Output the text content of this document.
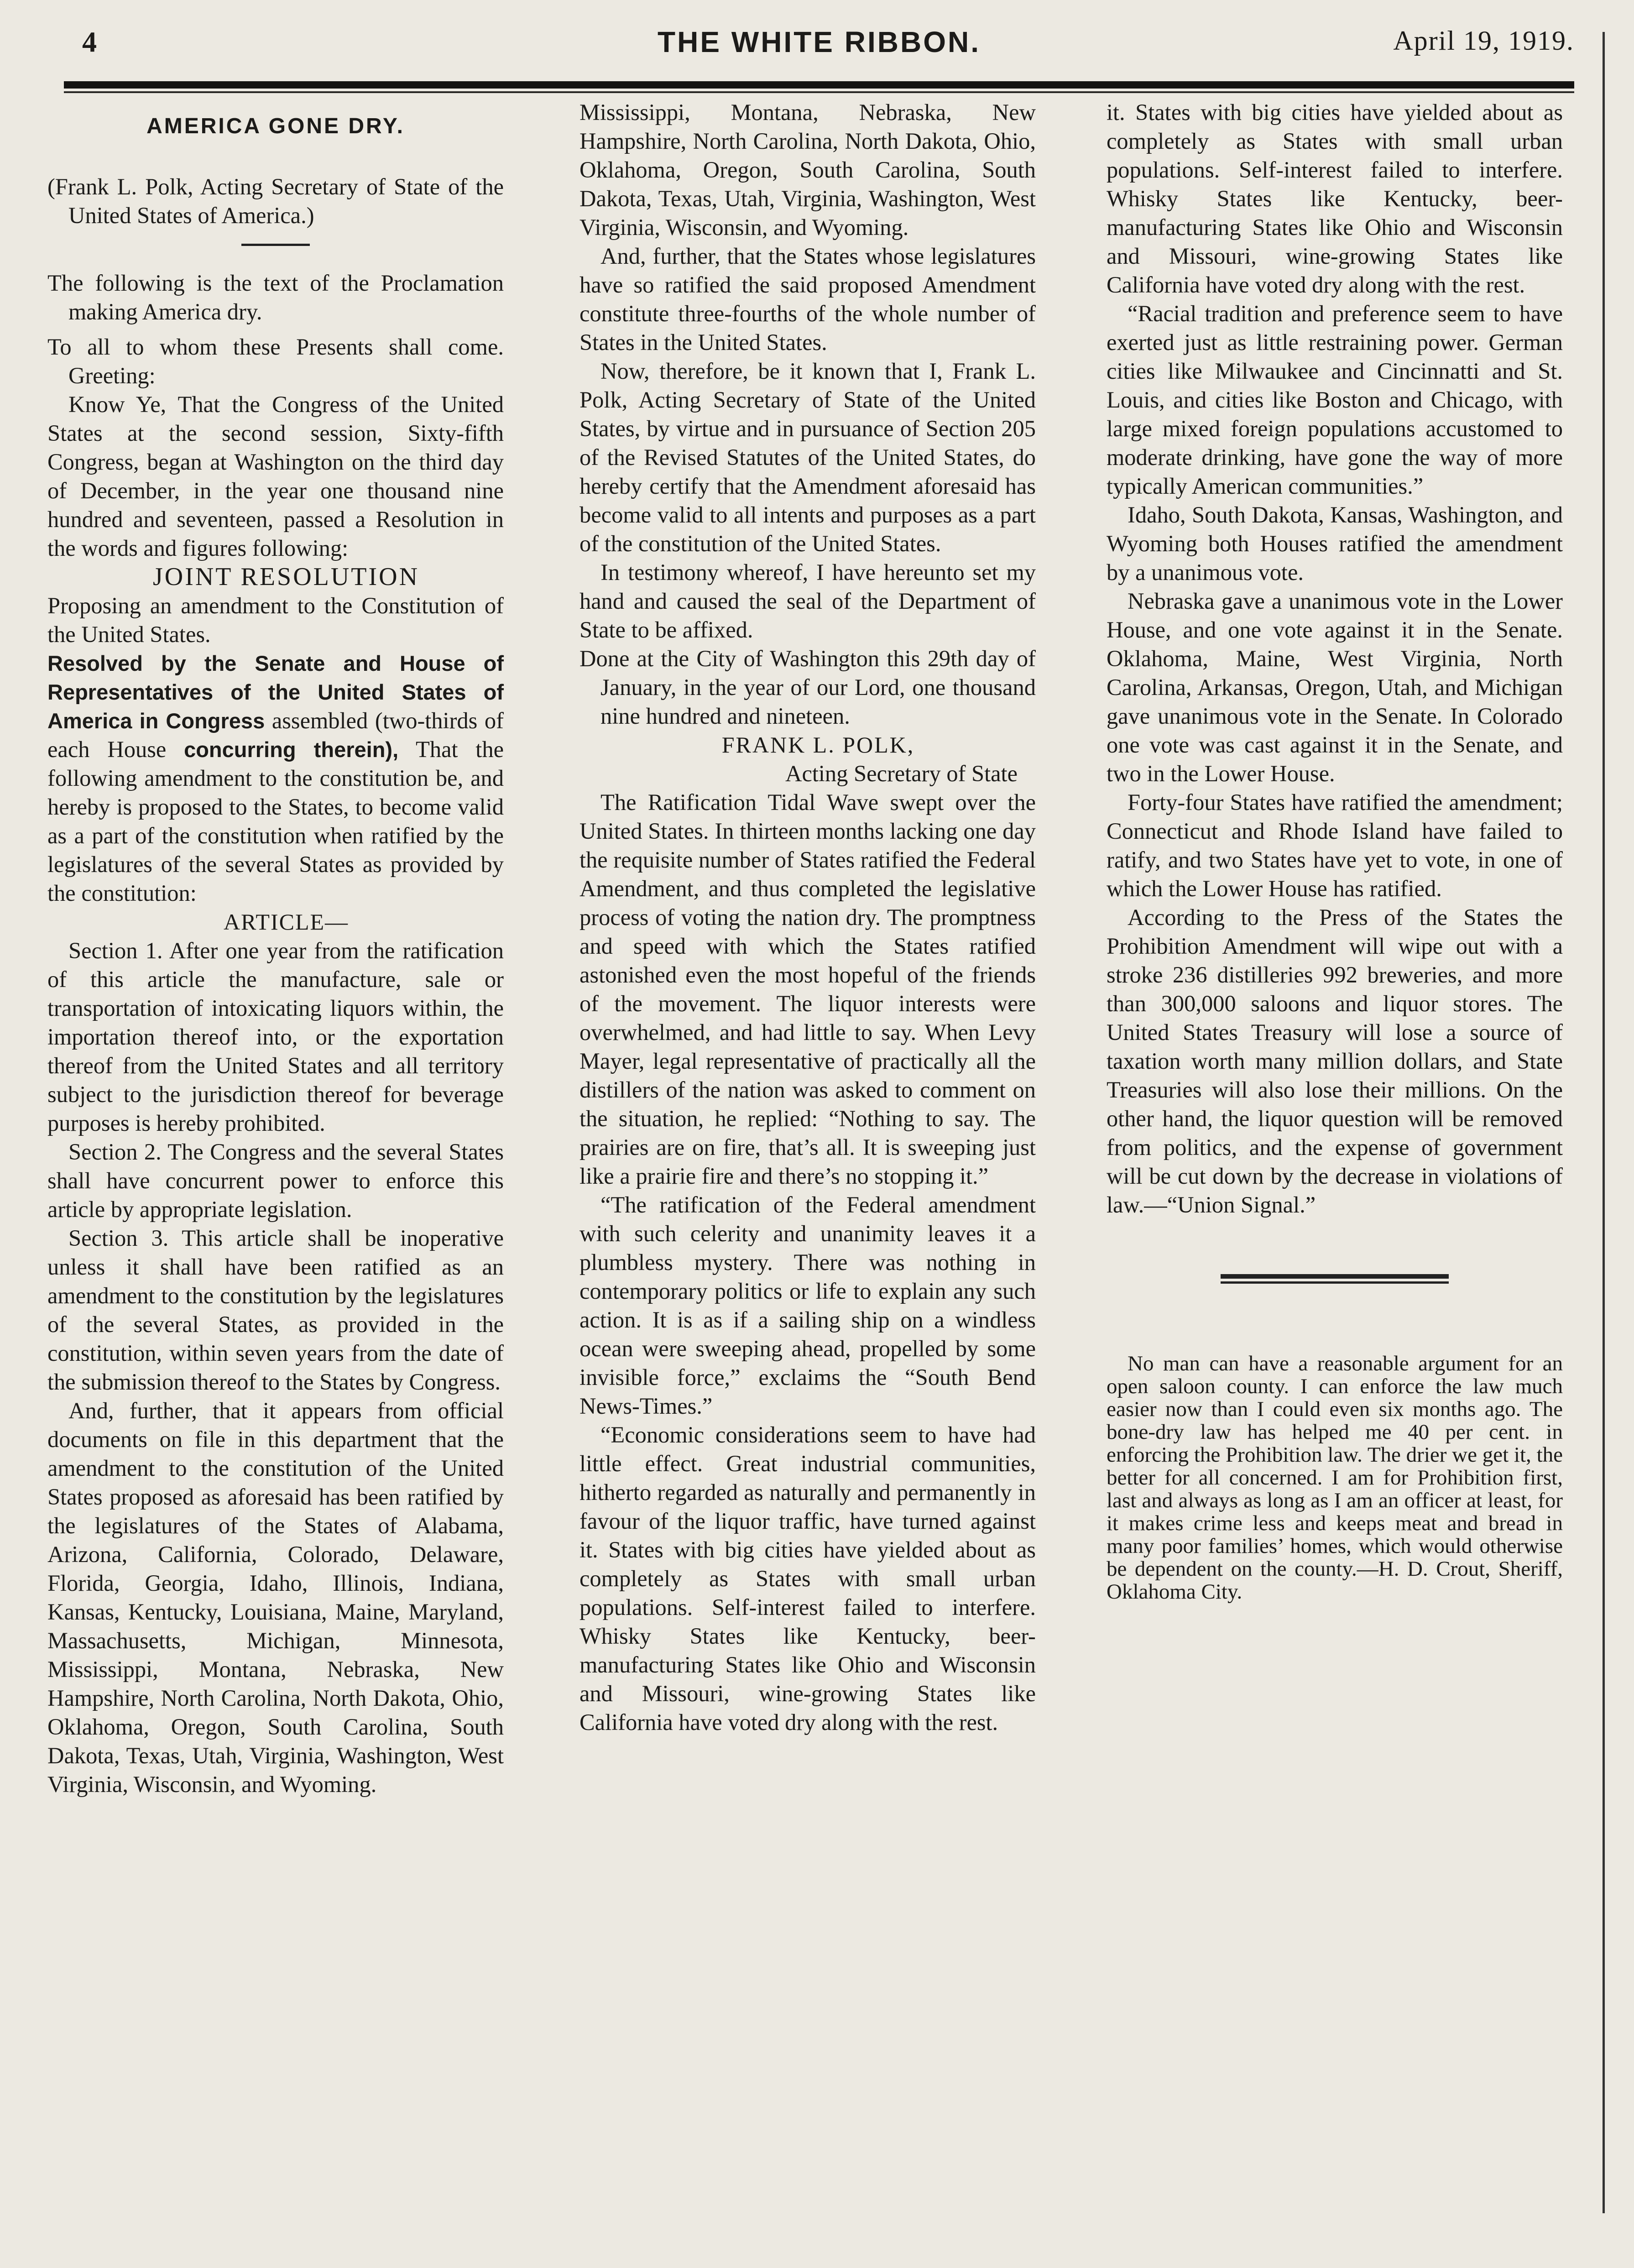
4	THE WHITE RIBBON.	April 19, 1919.
AMERICA GONE DRY.

(Frank L. Polk, Acting Secretary of State of the United States of America.)

The following is the text of the Proclamation making America dry.

To all to whom these Presents shall come. Greeting:

Know Ye, That the Congress of the United States at the second session, Sixty-fifth Congress, began at Washington on the third day of December, in the year one thousand nine hundred and seventeen, passed a Resolution in the words and figures following:

JOINT RESOLUTION

Proposing an amendment to the Constitution of the United States.

Resolved by the Senate and House of Representatives of the United States of America in Congress assembled (two-thirds of each House concurring therein), That the following amendment to the constitution be, and hereby is proposed to the States, to become valid as a part of the constitution when ratified by the legislatures of the several States as provided by the constitution:

ARTICLE—

Section 1. After one year from the ratification of this article the manufacture, sale or transportation of intoxicating liquors within, the importation thereof into, or the exportation thereof from the United States and all territory subject to the jurisdiction thereof for beverage purposes is hereby prohibited.

Section 2. The Congress and the several States shall have concurrent power to enforce this article by appropriate legislation.

Section 3. This article shall be inoperative unless it shall have been ratified as an amendment to the constitution by the legislatures of the several States, as provided in the constitution, within seven years from the date of the submission thereof to the States by Congress.

And, further, that it appears from official documents on file in this department that the amendment to the constitution of the United States proposed as aforesaid has been ratified by the legislatures of the States of Alabama, Arizona, California, Colorado, Delaware, Florida, Georgia, Idaho, Illinois, Indiana, Kansas, Kentucky, Louisiana, Maine, Maryland, Massachusetts, Michigan, Minnesota, Mississippi, Montana, Nebraska, New Hampshire, North Carolina, North Dakota, Ohio, Oklahoma, Oregon, South Carolina, South Dakota, Texas, Utah, Virginia, Washington, West Virginia, Wisconsin, and Wyoming.

Mississippi, Montana, Nebraska, New Hampshire, North Carolina, North Dakota, Ohio, Oklahoma, Oregon, South Carolina, South Dakota, Texas, Utah, Virginia, Washington, West Virginia, Wisconsin, and Wyoming.

And, further, that the States whose legislatures have so ratified the said proposed Amendment constitute three-fourths of the whole number of States in the United States.

Now, therefore, be it known that I, Frank L. Polk, Acting Secretary of State of the United States, by virtue and in pursuance of Section 205 of the Revised Statutes of the United States, do hereby certify that the Amendment aforesaid has become valid to all intents and purposes as a part of the constitution of the United States.

In testimony whereof, I have hereunto set my hand and caused the seal of the Department of State to be affixed.

Done at the City of Washington this 29th day of January, in the year of our Lord, one thousand nine hundred and nineteen.

FRANK L. POLK,

Acting Secretary of State

The Ratification Tidal Wave swept over the United States. In thirteen months lacking one day the requisite number of States ratified the Federal Amendment, and thus completed the legislative process of voting the nation dry. The promptness and speed with which the States ratified astonished even the most hopeful of the friends of the movement. The liquor interests were overwhelmed, and had little to say. When Levy Mayer, legal representative of practically all the distillers of the nation was asked to comment on the situation, he replied: “Nothing to say. The prairies are on fire, that’s all. It is sweeping just like a prairie fire and there’s no stopping it.”

“The ratification of the Federal amendment with such celerity and unanimity leaves it a plumbless mystery. There was nothing in contemporary politics or life to explain any such action. It is as if a sailing ship on a windless ocean were sweeping ahead, propelled by some invisible force,” exclaims the “South Bend News-Times.”

“Economic considerations seem to have had little effect. Great industrial communities, hitherto regarded as naturally and permanently in favour of the liquor traffic, have turned against it. States with big cities have yielded about as completely as States with small urban populations. Self-interest failed to interfere. Whisky States like Kentucky, beer-manufacturing States like Ohio and Wisconsin and Missouri, wine-growing States like California have voted dry along with the rest.

it. States with big cities have yielded about as completely as States with small urban populations. Self-interest failed to interfere. Whisky States like Kentucky, beer-manufacturing States like Ohio and Wisconsin and Missouri, wine-growing States like California have voted dry along with the rest.

“Racial tradition and preference seem to have exerted just as little restraining power. German cities like Milwaukee and Cincinnatti and St. Louis, and cities like Boston and Chicago, with large mixed foreign populations accustomed to moderate drinking, have gone the way of more typically American communities.”

Idaho, South Dakota, Kansas, Washington, and Wyoming both Houses ratified the amendment by a unanimous vote.

Nebraska gave a unanimous vote in the Lower House, and one vote against it in the Senate. Oklahoma, Maine, West Virginia, North Carolina, Arkansas, Oregon, Utah, and Michigan gave unanimous vote in the Senate. In Colorado one vote was cast against it in the Senate, and two in the Lower House.

Forty-four States have ratified the amendment; Connecticut and Rhode Island have failed to ratify, and two States have yet to vote, in one of which the Lower House has ratified.

According to the Press of the States the Prohibition Amendment will wipe out with a stroke 236 distilleries 992 breweries, and more than 300,000 saloons and liquor stores. The United States Treasury will lose a source of taxation worth many million dollars, and State Treasuries will also lose their millions. On the other hand, the liquor question will be removed from politics, and the expense of government will be cut down by the decrease in violations of law.—“Union Signal.”

No man can have a reasonable argument for an open saloon county. I can enforce the law much easier now than I could even six months ago. The bone-dry law has helped me 40 per cent. in enforcing the Prohibition law. The drier we get it, the better for all concerned. I am for Prohibition first, last and always as long as I am an officer at least, for it makes crime less and keeps meat and bread in many poor families’ homes, which would otherwise be dependent on the county.—H. D. Crout, Sheriff, Oklahoma City.
